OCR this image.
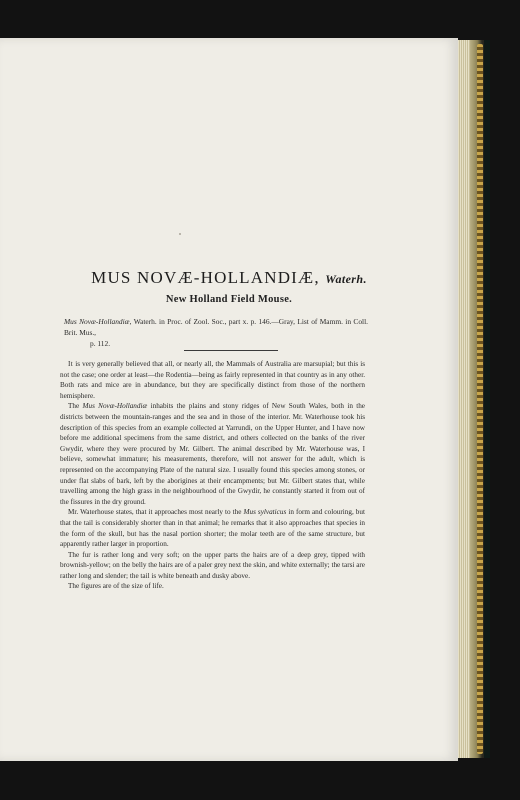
MUS NOVÆ-HOLLANDIÆ, Waterh.
New Holland Field Mouse.
Mus Novæ-Hollandiæ, Waterh. in Proc. of Zool. Soc., part x. p. 146.—Gray, List of Mamm. in Coll. Brit. Mus.,
p. 112.

It is very generally believed that all, or nearly all, the Mammals of Australia are marsupial; but this is not the case; one order at least—the Rodentia—being as fairly represented in that country as in any other. Both rats and mice are in abundance, but they are specifically distinct from those of the northern hemisphere.

The Mus Novæ-Hollandiæ inhabits the plains and stony ridges of New South Wales, both in the districts between the mountain-ranges and the sea and in those of the interior. Mr. Waterhouse took his description of this species from an example collected at Yarrundi, on the Upper Hunter, and I have now before me additional specimens from the same district, and others collected on the banks of the river Gwydir, where they were procured by Mr. Gilbert. The animal described by Mr. Waterhouse was, I believe, somewhat immature; his measurements, therefore, will not answer for the adult, which is represented on the accompanying Plate of the natural size. I usually found this species among stones, or under flat slabs of bark, left by the aborigines at their encampments; but Mr. Gilbert states that, while travelling among the high grass in the neighbourhood of the Gwydir, he constantly started it from out of the fissures in the dry ground.

Mr. Waterhouse states, that it approaches most nearly to the Mus sylvaticus in form and colouring, but that the tail is considerably shorter than in that animal; he remarks that it also approaches that species in the form of the skull, but has the nasal portion shorter; the molar teeth are of the same structure, but apparently rather larger in proportion.

The fur is rather long and very soft; on the upper parts the hairs are of a deep grey, tipped with brownish-yellow; on the belly the hairs are of a paler grey next the skin, and white externally; the tarsi are rather long and slender; the tail is white beneath and dusky above.

The figures are of the size of life.
